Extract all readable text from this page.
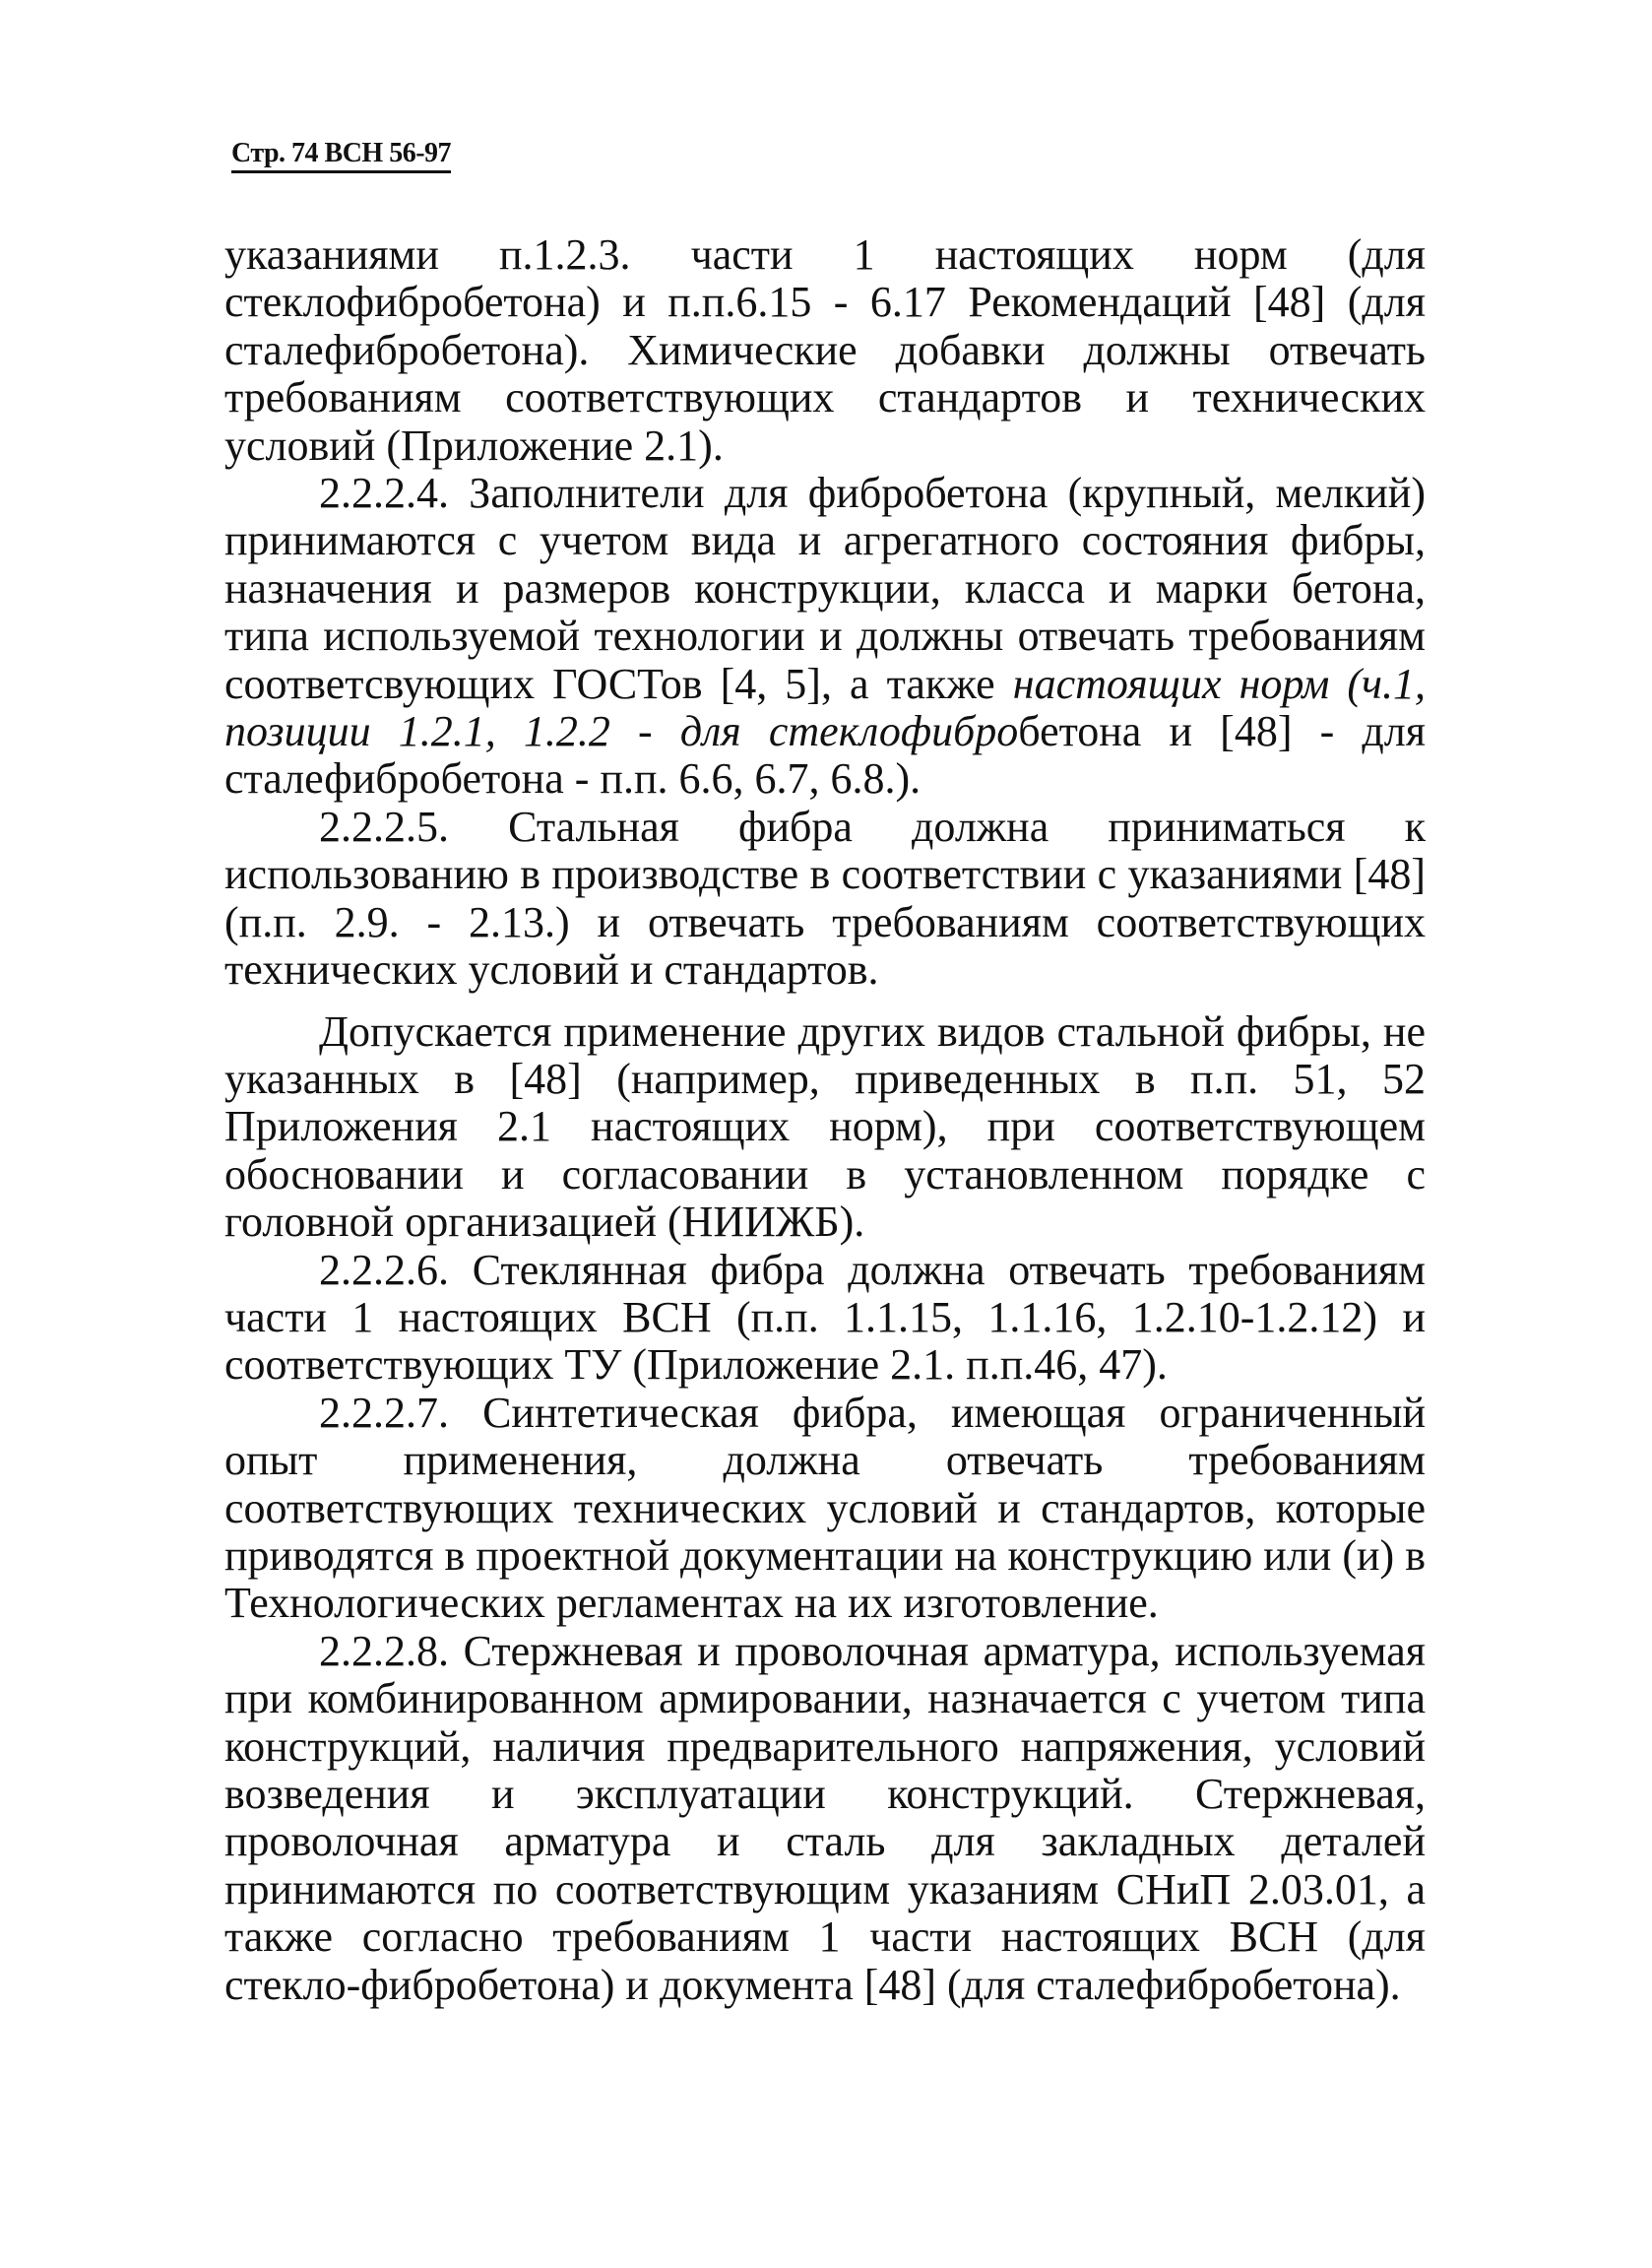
Стр. 74 ВСН 56-97

указаниями п.1.2.3. части 1 настоящих норм (для стеклофибробетона) и п.п.6.15 - 6.17 Рекомендаций [48] (для сталефибробетона). Химические добавки должны отвечать требованиям соответствующих стандартов и технических условий (Приложение 2.1).

2.2.2.4. Заполнители для фибробетона (крупный, мелкий) принимаются с учетом вида и агрегатного состояния фибры, назначения и размеров конструкции, класса и марки бетона, типа используемой технологии и должны отвечать требованиям соответсвующих ГОСТов [4, 5], а также настоящих норм (ч.1, позиции 1.2.1, 1.2.2 - для стеклофибробетона и [48] - для сталефибробетона - п.п. 6.6, 6.7, 6.8.).

2.2.2.5. Стальная фибра должна приниматься к использованию в производстве в соответствии с указаниями [48] (п.п. 2.9. - 2.13.) и отвечать требованиям соответствующих технических условий и стандартов.

Допускается применение других видов стальной фибры, не указанных в [48] (например, приведенных в п.п. 51, 52 Приложения 2.1 настоящих норм), при соответствующем обосновании и согласовании в установленном порядке с головной организацией (НИИЖБ).

2.2.2.6. Стеклянная фибра должна отвечать требованиям части 1 настоящих ВСН (п.п. 1.1.15, 1.1.16, 1.2.10-1.2.12) и соответствующих ТУ (Приложение 2.1. п.п.46, 47).

2.2.2.7. Синтетическая фибра, имеющая ограниченный опыт применения, должна отвечать требованиям соответствующих технических условий и стандартов, которые приводятся в проектной документации на конструкцию или (и) в Технологических регламентах на их изготовление.

2.2.2.8. Стержневая и проволочная арматура, используемая при комбинированном армировании, назначается с учетом типа конструкций, наличия предварительного напряжения, условий возведения и эксплуатации конструкций. Стержневая, проволочная арматура и сталь для закладных деталей принимаются по соответствующим указаниям СНиП 2.03.01, а также согласно требованиям 1 части настоящих ВСН (для стекло-фибробетона) и документа [48] (для сталефибробетона).
